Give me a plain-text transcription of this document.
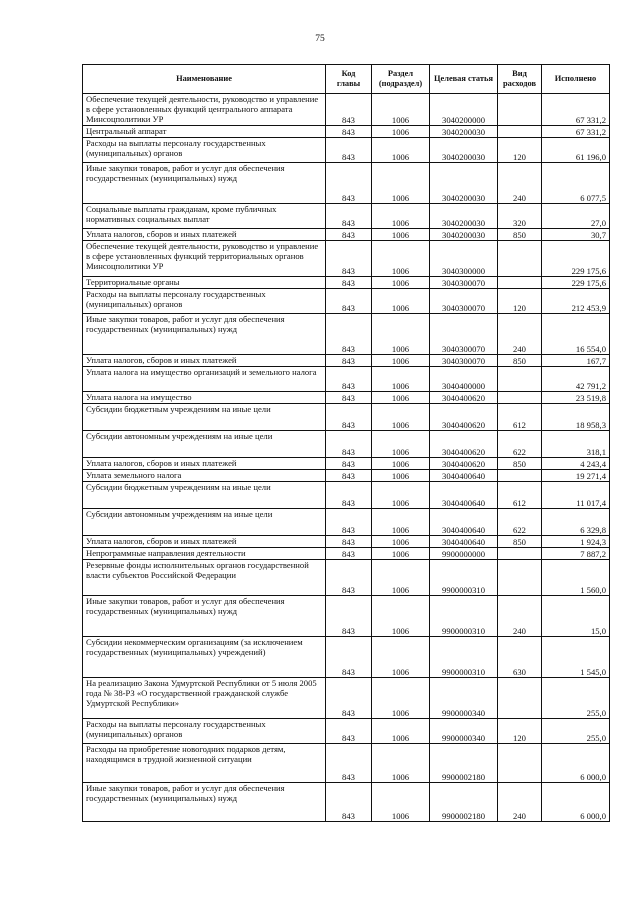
75
Наименование	Код главы	Раздел (подраздел)	Целевая статья	Вид расходов	Исполнено
Обеспечение текущей деятельности, руководство и управление в сфере установленных функций центрального аппарата Минсоцполитики УР	843	1006	3040200000		67 331,2
Центральный аппарат	843	1006	3040200030		67 331,2
Расходы на выплаты персоналу государственных (муниципальных) органов	843	1006	3040200030	120	61 196,0
Иные закупки товаров, работ и услуг для обеспечения государственных (муниципальных) нужд	843	1006	3040200030	240	6 077,5
Социальные выплаты гражданам, кроме публичных нормативных социальных выплат	843	1006	3040200030	320	27,0
Уплата налогов, сборов и иных платежей	843	1006	3040200030	850	30,7
Обеспечение текущей деятельности, руководство и управление в сфере установленных функций территориальных органов Минсоцполитики УР	843	1006	3040300000		229 175,6
Территориальные органы	843	1006	3040300070		229 175,6
Расходы на выплаты персоналу государственных (муниципальных) органов	843	1006	3040300070	120	212 453,9
Иные закупки товаров, работ и услуг для обеспечения государственных (муниципальных) нужд	843	1006	3040300070	240	16 554,0
Уплата налогов, сборов и иных платежей	843	1006	3040300070	850	167,7
Уплата налога на имущество организаций и земельного налога	843	1006	3040400000		42 791,2
Уплата налога на имущество	843	1006	3040400620		23 519,8
Субсидии бюджетным учреждениям на иные цели	843	1006	3040400620	612	18 958,3
Субсидии автономным учреждениям на иные цели	843	1006	3040400620	622	318,1
Уплата налогов, сборов и иных платежей	843	1006	3040400620	850	4 243,4
Уплата земельного налога	843	1006	3040400640		19 271,4
Субсидии бюджетным учреждениям на иные цели	843	1006	3040400640	612	11 017,4
Субсидии автономным учреждениям на иные цели	843	1006	3040400640	622	6 329,8
Уплата налогов, сборов и иных платежей	843	1006	3040400640	850	1 924,3
Непрограммные направления деятельности	843	1006	9900000000		7 887,2
Резервные фонды исполнительных органов государственной власти субъектов Российской Федерации	843	1006	9900000310		1 560,0
Иные закупки товаров, работ и услуг для обеспечения государственных (муниципальных) нужд	843	1006	9900000310	240	15,0
Субсидии некоммерческим организациям (за исключением государственных (муниципальных) учреждений)	843	1006	9900000310	630	1 545,0
На реализацию Закона Удмуртской Республики от 5 июля 2005 года № 38-РЗ «О государственной гражданской службе Удмуртской Республики»	843	1006	9900000340		255,0
Расходы на выплаты персоналу государственных (муниципальных) органов	843	1006	9900000340	120	255,0
Расходы на приобретение новогодних подарков детям, находящимся в трудной жизненной ситуации	843	1006	9900002180		6 000,0
Иные закупки товаров, работ и услуг для обеспечения государственных (муниципальных) нужд	843	1006	9900002180	240	6 000,0
